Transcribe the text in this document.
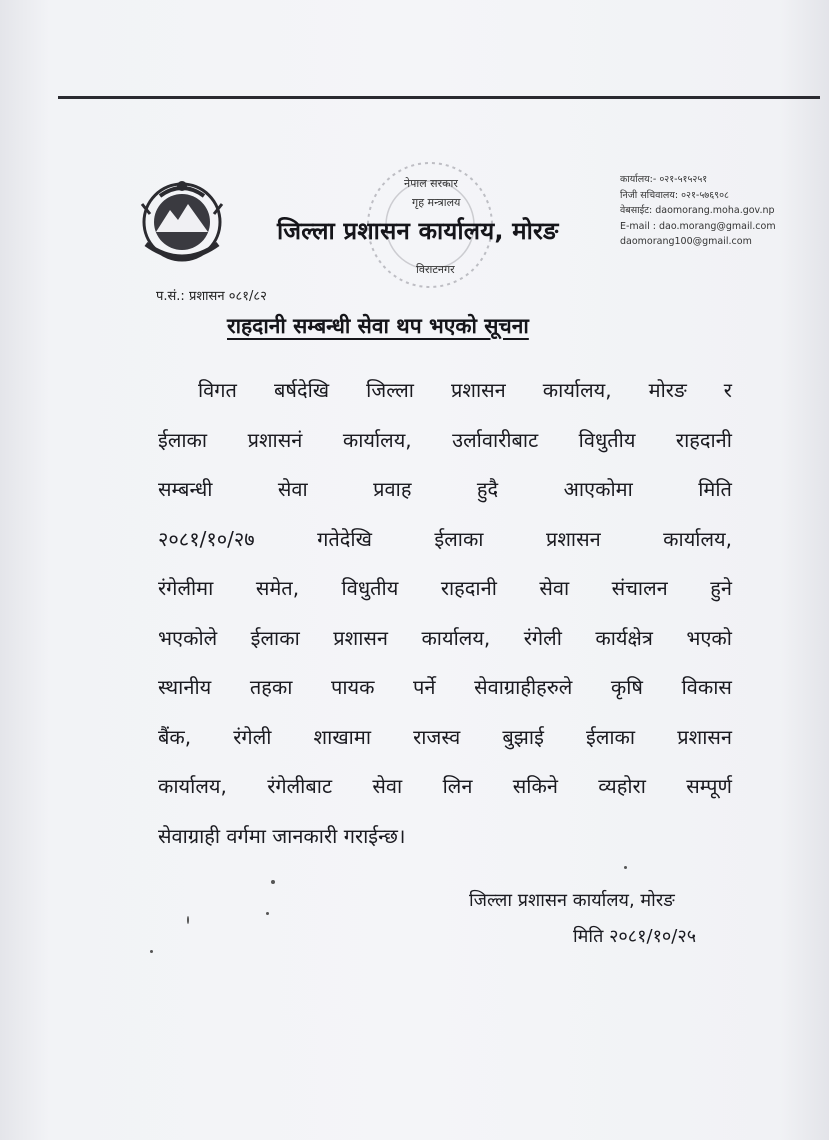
नेपाल सरकार
गृह मन्त्रालय
जिल्ला प्रशासन कार्यालय, मोरङ
विराटनगर
कार्यालय:- ०२१-५१५२५१
निजी सचिवालय: ०२१-५७६९०८
वेबसाईट: daomorang.moha.gov.np
E-mail : dao.morang@gmail.com
daomorang100@gmail.com
प.सं.: प्रशासन ०८१/८२
राहदानी सम्बन्धी सेवा थप भएको सूचना
विगत बर्षदेखि जिल्ला प्रशासन कार्यालय, मोरङ र
ईलाका प्रशासनं कार्यालय, उर्लावारीबाट विधुतीय राहदानी
सम्बन्धी	सेवा	प्रवाह	हुदै	आएकोमा	मिति
२०८१/१०/२७	गतेदेखि	ईलाका	प्रशासन	कार्यालय,
रंगेलीमा समेत, विधुतीय राहदानी सेवा संचालन हुने
भएकोले ईलाका प्रशासन कार्यालय, रंगेली कार्यक्षेत्र भएको
स्थानीय तहका पायक पर्ने सेवाग्राहीहरुले कृषि विकास
बैंक, रंगेली शाखामा राजस्व बुझाई ईलाका प्रशासन
कार्यालय, रंगेलीबाट सेवा लिन सकिने व्यहोरा सम्पूर्ण
सेवाग्राही वर्गमा जानकारी गराईन्छ।
जिल्ला प्रशासन कार्यालय, मोरङ
मिति २०८१/१०/२५
